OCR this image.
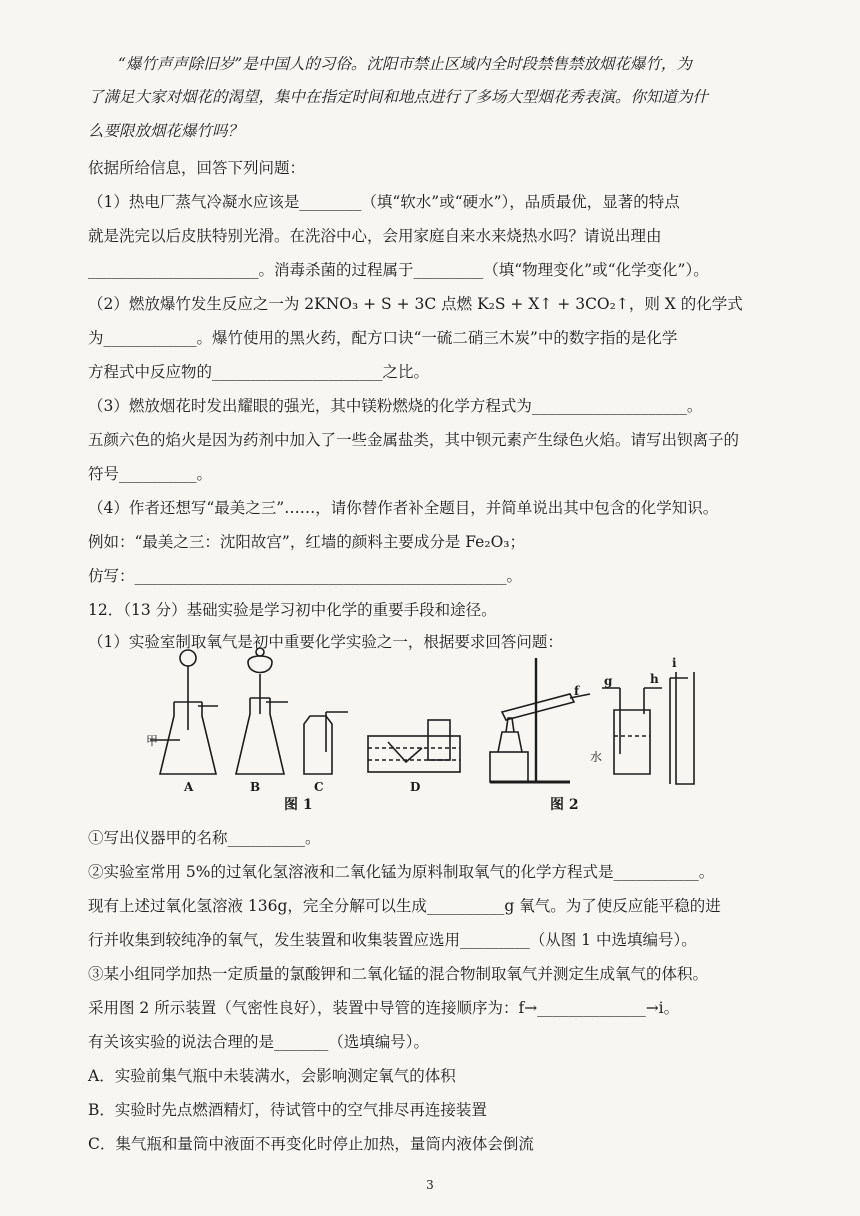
“爆竹声声除旧岁”是中国人的习俗。沈阳市禁止区域内全时段禁售禁放烟花爆竹，为
了满足大家对烟花的渴望，集中在指定时间和地点进行了多场大型烟花秀表演。你知道为什
么要限放烟花爆竹吗？
依据所给信息，回答下列问题：
（1）热电厂蒸气冷凝水应该是________（填“软水”或“硬水”），品质最优，显著的特点
就是洗完以后皮肤特别光滑。在洗浴中心，会用家庭自来水来烧热水吗？请说出理由
______________________。消毒杀菌的过程属于_________（填“物理变化”或“化学变化”）。
（2）燃放爆竹发生反应之一为 2KNO₃ + S + 3C 点燃 K₂S + X↑ + 3CO₂↑，则 X 的化学式
为____________。爆竹使用的黑火药，配方口诀“一硫二硝三木炭”中的数字指的是化学
方程式中反应物的______________________之比。
（3）燃放烟花时发出耀眼的强光，其中镁粉燃烧的化学方程式为____________________。
五颜六色的焰火是因为药剂中加入了一些金属盐类，其中钡元素产生绿色火焰。请写出钡离子的
符号__________。
（4）作者还想写“最美之三”……，请你替作者补全题目，并简单说出其中包含的化学知识。
例如：“最美之三：沈阳故宫”，红墙的颜料主要成分是 Fe₂O₃；
仿写：________________________________________________。
12．（13 分）基础实验是学习初中化学的重要手段和途径。
（1）实验室制取氧气是初中重要化学实验之一，根据要求回答问题：
甲
A	B	C	D
f
g	h
i
水
图 1	图 2
①写出仪器甲的名称__________。
②实验室常用 5%的过氧化氢溶液和二氧化锰为原料制取氧气的化学方程式是___________。
现有上述过氧化氢溶液 136g，完全分解可以生成__________g 氧气。为了使反应能平稳的进
行并收集到较纯净的氧气，发生装置和收集装置应选用_________（从图 1 中选填编号）。
③某小组同学加热一定质量的氯酸钾和二氧化锰的混合物制取氧气并测定生成氧气的体积。
采用图 2 所示装置（气密性良好），装置中导管的连接顺序为：f→______________→i。
有关该实验的说法合理的是_______（选填编号）。
A．实验前集气瓶中未装满水，会影响测定氧气的体积
B．实验时先点燃酒精灯，待试管中的空气排尽再连接装置
C．集气瓶和量筒中液面不再变化时停止加热，量筒内液体会倒流
3
